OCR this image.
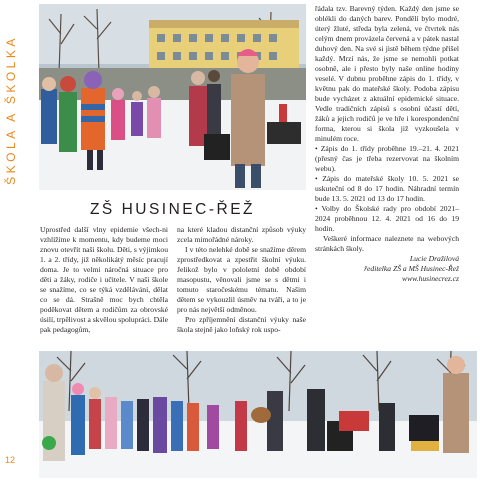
ŠKOLA A ŠKOLKA
ZŠ HUSINEC-ŘEŽ

Uprostřed další vlny epidemie všech-ni vzhlížíme k momentu, kdy budeme moci znovu otevřít naši školu. Děti, s výjimkou 1. a 2. třídy, již několikátý měsíc pracují doma. Je to velmi náročná situace pro děti a žáky, rodiče i učitele. V naší škole se snažíme, co se týká vzdělávání, dělat co se dá. Strašně moc bych chtěla poděkovat dětem a rodičům za obrovské úsilí, trpělivost a skvělou spolupráci. Dále pak pedagogům,

na které kladou distanční způsob výuky zcela mimořádné nároky.

I v této nelehké době se snažíme děrem zprostředkovat a zpestřit školní výuku. Jelikož bylo v pololetní době období masopustu, věnovali jsme se s dětmi i tomuto staročeskému tématu. Našim dětem se vykouzlil úsměv na tváři, a to je pro nás největší odměnou.

Pro zpříjemnění distanční výuky naše škola stejně jako loňský rok uspo-

řádala tzv. Barevný týden. Každý den jsme se oblékli do daných barev. Pondělí bylo modré, úterý žluté, středa byla zelená, ve čtvrtek nás celým dnem provázela červená a v pátek nastal duhový den. Na své si jistě během týdne přišel každý. Mrzí nás, že jsme se nemohli potkat osobně, ale i přesto byly naše online hodiny veselé. V dubnu proběhne zápis do 1. třídy, v květnu pak do mateřské školy. Podoba zápisu bude vycházet z aktuální epidemické situace. Vedle tradičních zápisů s osobní účastí dětí, žáků a jejich rodičů je ve hře i korespondenční forma, kterou si škola již vyzkoušela v minulém roce.

• Zápis do 1. třídy proběhne 19.–21. 4. 2021 (přesný čas je třeba rezervovat na školním webu).

• Zápis do mateřské školy 10. 5. 2021 se uskuteční od 8 do 17 hodin. Náhradní termín bude 13. 5. 2021 od 13 do 17 hodin.

• Volby do Školské rady pro období 2021–2024 proběhnou 12. 4. 2021 od 16 do 19 hodin.

Veškeré informace naleznete na webových stránkách školy.

Lucie Dražilová

ředitelka ZŠ a MŠ Husinec-Řež

www.husinecrez.cz

12
